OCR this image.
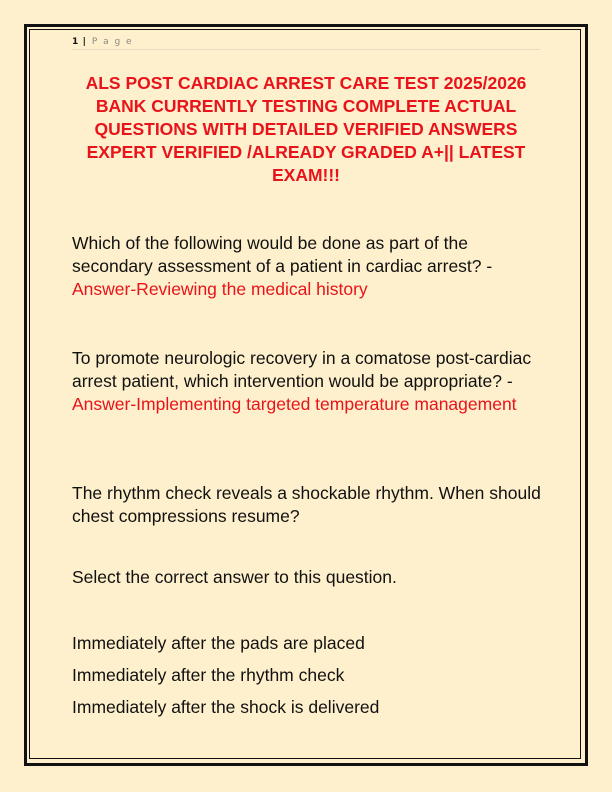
1 | P a g e
ALS POST CARDIAC ARREST CARE TEST 2025/2026 BANK CURRENTLY TESTING COMPLETE ACTUAL QUESTIONS WITH DETAILED VERIFIED ANSWERS EXPERT VERIFIED /ALREADY GRADED A+|| LATEST EXAM!!!
Which of the following would be done as part of the secondary assessment of a patient in cardiac arrest? - Answer-Reviewing the medical history
To promote neurologic recovery in a comatose post-cardiac arrest patient, which intervention would be appropriate? - Answer-Implementing targeted temperature management
The rhythm check reveals a shockable rhythm. When should chest compressions resume?
Select the correct answer to this question.
Immediately after the pads are placed
Immediately after the rhythm check
Immediately after the shock is delivered
